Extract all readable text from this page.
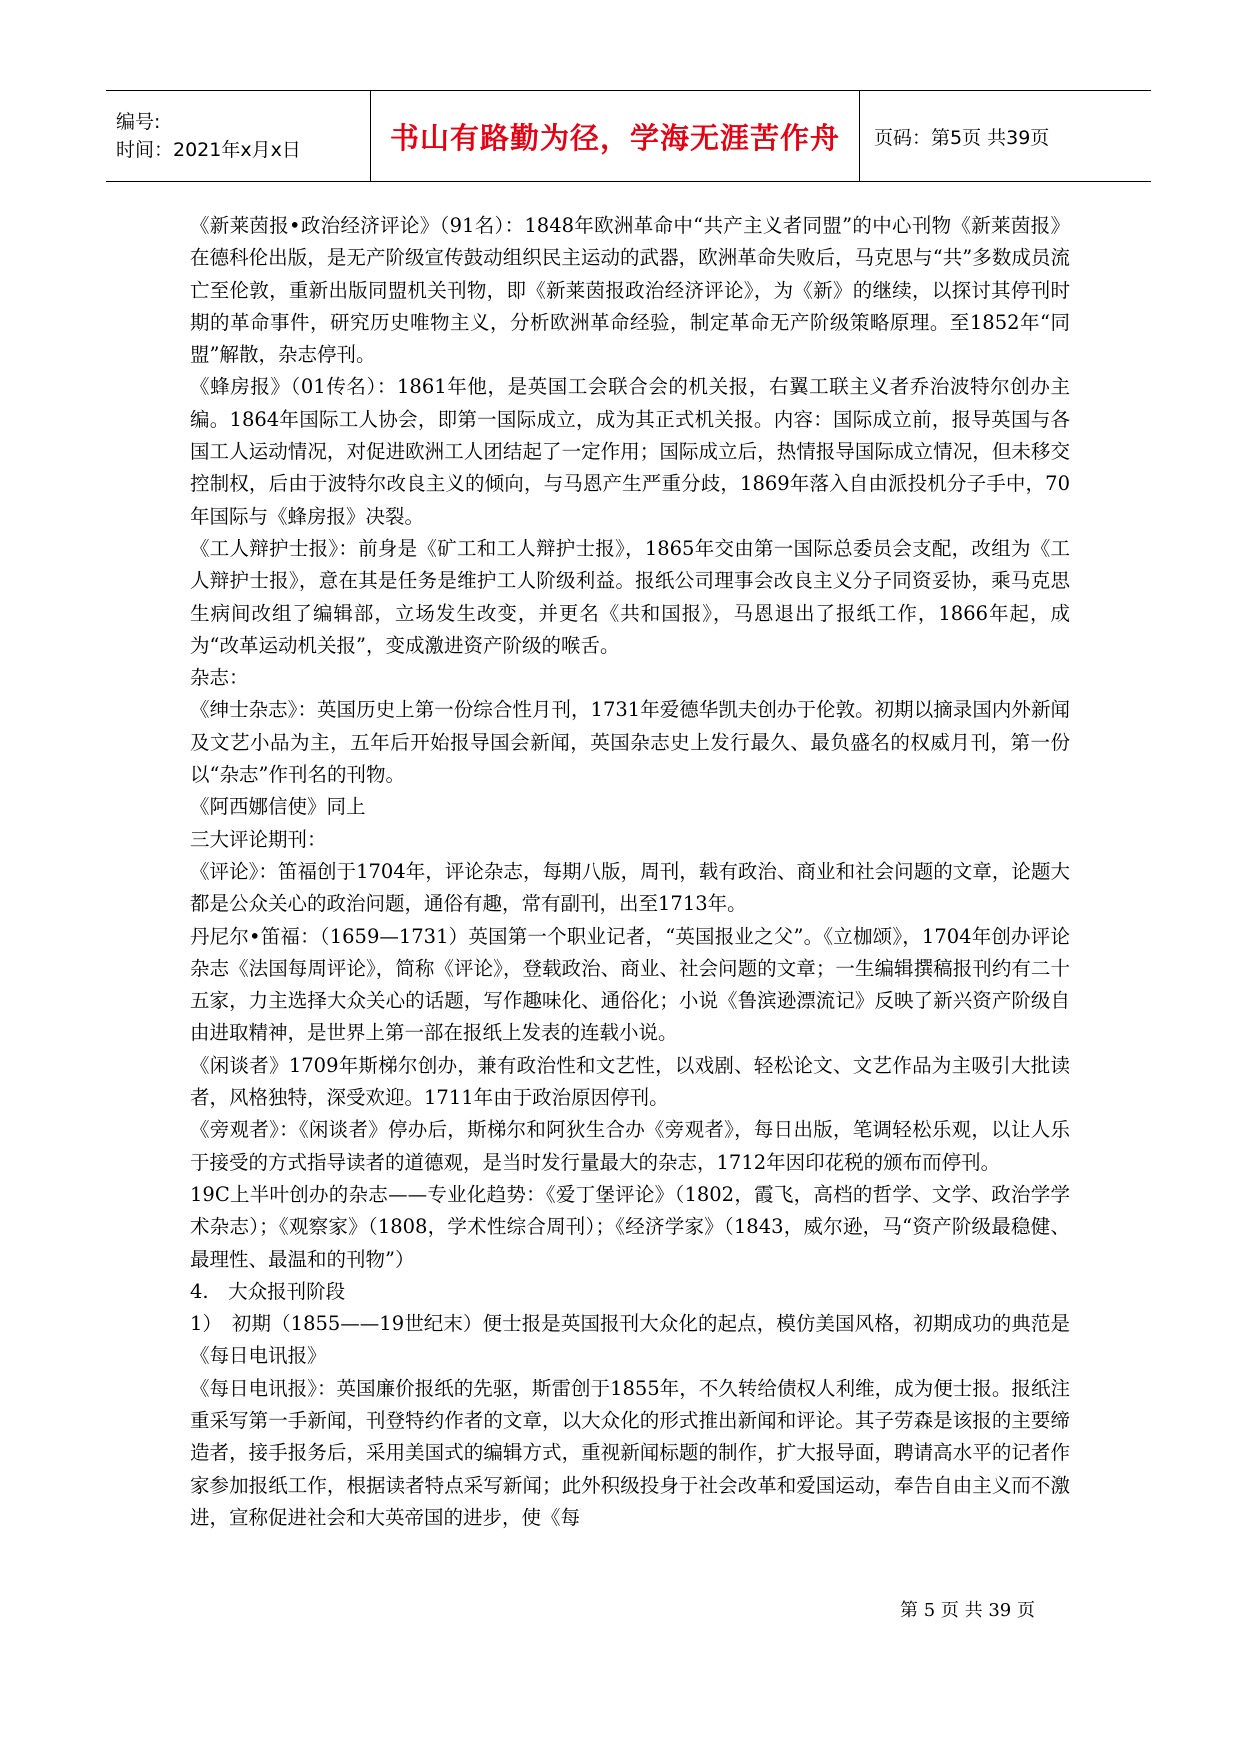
编号:
时间：2021年x月x日	书山有路勤为径，学海无涯苦作舟 页码：第5页 共39页

《新莱茵报•政治经济评论》（91名）：1848年欧洲革命中“共产主义者同盟”的中心刊物《新莱茵报》在德科伦出版，是无产阶级宣传鼓动组织民主运动的武器，欧洲革命失败后，马克思与“共”多数成员流亡至伦敦，重新出版同盟机关刊物，即《新莱茵报政治经济评论》，为《新》的继续，以探讨其停刊时期的革命事件，研究历史唯物主义，分析欧洲革命经验，制定革命无产阶级策略原理。至1852年“同盟”解散，杂志停刊。

《蜂房报》（01传名）：1861年他，是英国工会联合会的机关报，右翼工联主义者乔治波特尔创办主编。1864年国际工人协会，即第一国际成立，成为其正式机关报。内容：国际成立前，报导英国与各国工人运动情况，对促进欧洲工人团结起了一定作用；国际成立后，热情报导国际成立情况，但未移交控制权，后由于波特尔改良主义的倾向，与马恩产生严重分歧，1869年落入自由派投机分子手中，70年国际与《蜂房报》决裂。

《工人辩护士报》：前身是《矿工和工人辩护士报》，1865年交由第一国际总委员会支配，改组为《工人辩护士报》，意在其是任务是维护工人阶级利益。报纸公司理事会改良主义分子同资妥协，乘马克思生病间改组了编辑部，立场发生改变，并更名《共和国报》，马恩退出了报纸工作，1866年起，成为“改革运动机关报”，变成激进资产阶级的喉舌。

杂志：

《绅士杂志》：英国历史上第一份综合性月刊，1731年爱德华凯夫创办于伦敦。初期以摘录国内外新闻及文艺小品为主，五年后开始报导国会新闻，英国杂志史上发行最久、最负盛名的权威月刊，第一份以“杂志”作刊名的刊物。

《阿西娜信使》同上

三大评论期刊：

《评论》：笛福创于1704年，评论杂志，每期八版，周刊，载有政治、商业和社会问题的文章，论题大都是公众关心的政治问题，通俗有趣，常有副刊，出至1713年。

丹尼尔•笛福：（1659—1731）英国第一个职业记者，“英国报业之父”。《立枷颂》，1704年创办评论杂志《法国每周评论》，简称《评论》，登载政治、商业、社会问题的文章；一生编辑撰稿报刊约有二十五家，力主选择大众关心的话题，写作趣味化、通俗化；小说《鲁滨逊漂流记》反映了新兴资产阶级自由进取精神，是世界上第一部在报纸上发表的连载小说。

《闲谈者》1709年斯梯尔创办，兼有政治性和文艺性，以戏剧、轻松论文、文艺作品为主吸引大批读者，风格独特，深受欢迎。1711年由于政治原因停刊。

《旁观者》：《闲谈者》停办后，斯梯尔和阿狄生合办《旁观者》，每日出版，笔调轻松乐观，以让人乐于接受的方式指导读者的道德观，是当时发行量最大的杂志，1712年因印花税的颁布而停刊。

19C上半叶创办的杂志——专业化趋势：《爱丁堡评论》（1802，霞飞，高档的哲学、文学、政治学学术杂志）；《观察家》（1808，学术性综合周刊）；《经济学家》（1843，威尔逊，马“资产阶级最稳健、最理性、最温和的刊物”）

4.　大众报刊阶段

1）　初期（1855——19世纪末）便士报是英国报刊大众化的起点，模仿美国风格，初期成功的典范是《每日电讯报》

《每日电讯报》：英国廉价报纸的先驱，斯雷创于1855年，不久转给债权人利维，成为便士报。报纸注重采写第一手新闻，刊登特约作者的文章，以大众化的形式推出新闻和评论。其子劳森是该报的主要缔造者，接手报务后，采用美国式的编辑方式，重视新闻标题的制作，扩大报导面，聘请高水平的记者作家参加报纸工作，根据读者特点采写新闻；此外积级投身于社会改革和爱国运动，奉告自由主义而不激进，宣称促进社会和大英帝国的进步，使《每

第 5 页 共 39 页
